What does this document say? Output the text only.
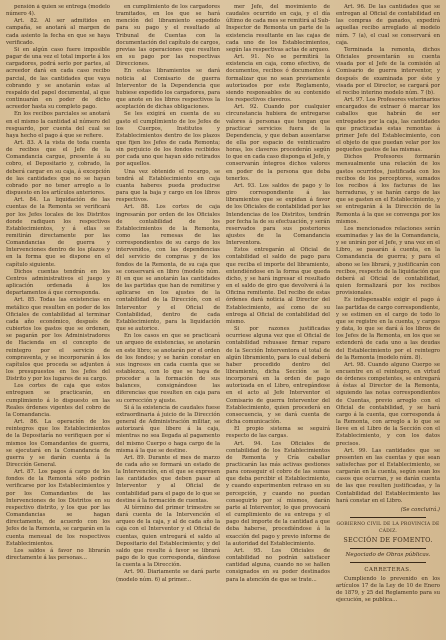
pensión á quien se entrega (modelo número 4).

Art. 82. Al ser admitidos en campaña, se anotará al margen de cada asiento la fecha en que se haya verificado.

Si en algún caso fuere imposible pagar de una vez el total importe á los cargadores, podrá serlo por partes, al acreedor dará en cada caso recibo parcial, de las cantidades que vaya cobrando y se anotarán estas al respaldo del papel documental, al que continuarán en poder de dicho acreedor hasta su completo pago.

En los recibos parciales se anotará en el mismo la cantidad al número del resguardo, por cuenta del cual se haya hecho el pago á que se refiere.

Art. 83. A la vista de toda cuenta de recibos que el Jefe de la Comandancia cargue, presente á su cobro, el Depositario y, cobrado, la deberá cargar en su caja, á excepción de las cantidades que no se hayan cobrado por no tener arreglo a lo dispuesto en los artículos anteriores.

Art. 84. La liquidación de las cuentas de la Remonta se verificará por los Jefes locales de los Distritos donde radiquen los respectivos Establecimientos, y á ellas se remitirán directamente por las Comandancias de guerra y Intervenciones dentro de los plazos y en la forma que se dispone en el capítulo siguiente.

Dichos cuentas tendrán en los Centros administrativos el juego y aplicación ordenada á los departamentos á que corresponda.

Art. 85. Todas las existencias en metálico que resulten en poder de los Oficiales de contabilidad al terminar cada año económico, después de cubiertos los gastos que se ordenen, se pagarán por los Administradores de Hacienda en el concepto de reintegro por el servicio de compraventa, y se incorporarán á los capítulos que proceda se adjunten á los presupuestos en los Jefes del Distrito y por los lugares de su cargo.

Los cortes de caja que estos entreguen se practicarán, en cumplimiento á lo dispuesto en las Reales órdenes vigentes del cobro de la Comandancia.

Art. 86. La operación de los reintegros que los Establecimientos de la Depositaría no verifiquen por sí mismos los Comandantes de guerra, se ejecutará en la Comandancia de guerra y se darán cuenta á la Dirección General.

Art. 87. Los pagos á cargo de los fondos de la Remonta sólo podrán verificarse por los Establecimientos y por los Comandantes de las Intervenciones de los Distritos en su respectivo distrito, y los que por las Comandancias se hagan directamente, de acuerdo con los Jefes de la Remonta, se cargarán en la cuenta mensual de los respectivos Establecimientos.

Los saldos á favor no librarán directamente á las personas...

en cumplimiento de los cargadores tramitados, en los que se hará mención del libramiento expedido para su pago y el resultado al Tribunal de Cuentas con la documentación del capítulo de cargos, previas las operaciones que resulten en su pago por las respectivas Direcciones.

En estas libramientos se dará noticia al Comisario de guerra Interventor de la Dependencia que hubiese expedido los cargadores, para que anote en los libros respectivos la aceptación de dichas obligaciones.

Se les exigirá en cuenta de su gasto el cumplimiento de los Jefes de los Cuerpos, Institutos y Establecimientos dentro de los plazos que fijen los Jefes de cada Remonta; sin perjuicio de los fondos recibidos por cada uno que hayan sido retirados por aquellos.

Una vez obtenido el recargo, se tendrá al Establecimiento en caja cuanta haberes pueda producirse para que la baja y cargo en los libros respectivos.

Art. 88. Los cortes de caja ingresarán por orden de los Oficiales de contabilidad de los Establecimientos de la Remonta, como las remesas de las correspondientes de su cargo de los intervenidos, con las dependencias del servicio de compras y de los fondos de la Remonta, de su caja que se conservará en libro (modelo núm. 8) en que se anotarán las cantidades de las partidas que han de remitirse y aplicarse en los ajustes de la contabilidad de la Dirección, con el Interventor y el Oficial de Contabilidad, dentro de cada Establecimiento, para la liquidación que se autorice.

En los casos en que se practicará un arqueo de existencias, se anotarán en este libro; se anotarán por el orden de los fondos; y se harán constar en sus ingresos en cada cuenta que se establezca, con lo que se haya de proceder a la formación de sus balances, consignándose las diferencias que resulten en caja para su corrección y ajuste.

Si á la existencia de caudales fuese extraordinaria á juicio de la Dirección general de Administración militar, se autorizará que libere á la caja, mientras no sea llegada al pagamento del mismo Cuerpo o haga cargo de la misma á la que se destine.

Art. 89. Durante el mes de marzo de cada año se formará un estado de la Intervención, en el que se expresen las cantidades que deben pasar al Interventor y al Oficial de contabilidad para el pago de lo que se destine á la formación de cuentas.

Al término del primer trimestre se dará cuenta de la Intervención el arqueo de la caja, y al de cada año la caja con el Interventor y el Oficial de cuentas, quien entregará el saldo al Depositario del Establecimiento; y del saldo que resulte á favor se librará pago de lo que corresponda, dándose la cuenta a la Dirección.

Art. 90. Diariamente se dará parte (modelo núm. 6) al primer...

mer Jefe, del movimiento de caudales ocurrido en caja, y el día último de cada mes se remitirá al Sub-Inspector de Remonta un parte de la existencia resultante en las cajas de cada uno de los Establecimientos, según las respectivas actas de arqueo.

Art. 91. No se permitirá la existencia en caja, como efectivo, de documentos, recibos ó documentos á formalizar que no sean previamente autorizados por este Reglamento, siendo responsables de su contenido los respectivos claveros.

Art. 92. Cuando por cualquier circunstancia hubiera de entregarse valores á personas que tengan que practicar servicios fuera de la Dependencia, y que deban ausentarse de ella por espacio de veinticuatro horas, los claveros procederán según lo que en cada caso disponga el Jefe, y conservarán íntegros dichos valores en poder de la persona que deba tenerlos.

Art. 93. Los saldos de pago y lo giro correspondiente á las libramientos que se expidan á favor de los Oficiales de contabilidad por las Intendencias de los Distritos, tendrán por fecha la de su efectuación, y serán reservados para sus posteriores ajustes de la Comandancia Interventora.

Estos entregarán al Oficial de contabilidad el saldo de pago para que reciba el importe del libramiento, entendiéndose en la forma que queda dicho, y se hará ingresar el resultado en el saldo de giro que devolverá á la Oficina remitente. Del recibo de estas órdenes dará noticia al Director del Establecimiento, así como de su entrega al Oficial de contabilidad del mismo.

Si por razones justificadas ocurriese alguna vez que el Oficial de contabilidad rehusase firmar reparo de la Sección Interventora el total de algún libramiento, para lo cual deberá haber procedido dentro del libramiento, dicha Sección se le incorporará en la orden de pago autorizada en el Libro, entregándose en el acto al Jefe Interventor el Comisario de guerra Interventor del Establecimiento, quien procederá en consecuencia, y se dará cuenta de dicha comunicación.

El propio sistema se seguirá respecto de las cargas.

Art. 94. Los Oficiales de contabilidad de los Establecimientos de Remonta y Cría caballar practicarán las más activas gestiones para conseguir el cobro de las sumas que deba percibir el Establecimiento, y cuando experimenten retraso en su percepción, y cuando no puedan conseguirlo por sí mismos, darán parte al Interventor, lo que provocará el cumplimiento de su entrega y el pago del importe de la cantidad a que deba haberse, procediéndose á la exacción del pago y previo informe de la autoridad del Establecimiento.

Art. 95. Los Oficiales de contabilidad no podrán satisfacer cantidad alguna, cuando no se hallen consignados en su poder destinados para la atención de que se trate...

Art. 96. De las cantidades que se entregan al Oficial de contabilidad en las compras de ganados, expedirá aquellas recibo arreglado al modelo núm. 7 (a), el cual se conservará en caja.

Terminada la remonta, dichos Oficiales presentarán su cuenta visada por el Jefe de la comisión al Comisario de guerra interventor, y después de examinada por éste y visada por el Director, se cargará por el recibo interino modelo núm. 7 (b).

Art. 97. Los Profesores veterinarios encargados de extraer ó marcar los caballos que habrán de ser entregados por la caja, las cantidades que practicadas estas remontas á primer Jefe del Establecimiento, con el objeto de que puedan velar por los pequeños gastos de las mismas.

Dichos Profesores formarán mensualmente una relación de los gastos ocurridos, justificada con los recibos de los perceptores, sumados los recibos á los facturas de las herraduras, y se harán cargo de las que se gasten en el Establecimiento, y se entregarán á la Dirección de la Remonta á la que se convenga por los mismos.

Los mencionados relaciones serán examinadas y las de la Comandancia, y se unirán por el Jefe, y una vez en el Libro, se pasarán á cuenta, en la Comandancia de guerra; y para el abono se les librará, y justificarán con recibos, respecto de la liquidación que deberá al Oficial de contabilidad, quien formalizará por los recibos provisionales.

Es indispensable exigir el pago á las partidas de cargo correspondiente, y se estimen en el cargo de todo lo que se registre en la cuenta, y cargos y data, lo que se dará á los libros de los Jefes de la Remonta, en los que se extenderá de cada uno a las deudas del Establecimiento por el reintegro de la Remonta (modelo núm. 8).

Art. 98. Cuando alguno Cuerpo se encuentre en el reintegro, en virtud de órdenes competentes, se entregará á éstas al Director de la Remonta, siguiendo las notas correspondientes de Cuentas, previo arreglo con el Oficial de contabilidad, y se hará cargo á la cuenta, que corresponda á la Remonta, con arreglo a lo que se lleve en el Libro de la Sección con el Establecimiento, y con los datos precisos.

Art. 99. Las cantidades que se presenten en las cuentas y que sean satisfechas por el Establecimiento, se cargarán en la cuenta, según sean los casos que ocurran, y se darán cuenta de las que resulten justificadas, y la Contabilidad del Establecimiento las hará constar en el Libro.

(Se concluirá.)

GOBIERNO CIVIL DE LA PROVINCIA DE CÁDIZ.

SECCIÓN DE FOMENTO.

Negociado de Obras públicas.

CARRETERAS.

Cumpliendo lo prevenido en los artículos 17 de la Ley de 10 de Enero de 1879, y 25 del Reglamento para su ejecución, se publica...
